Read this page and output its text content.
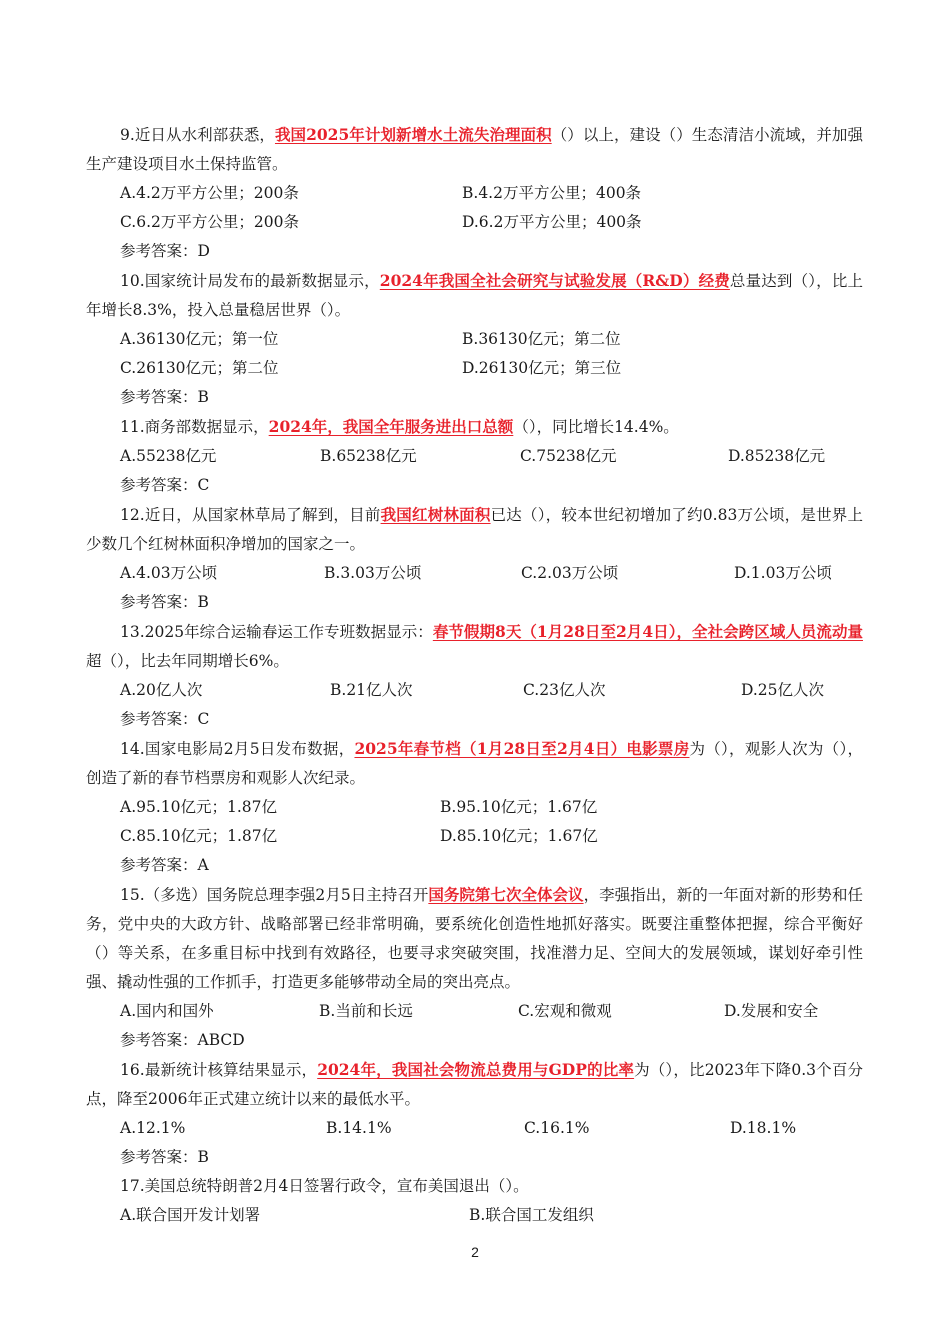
9.近日从水利部获悉，我国2025年计划新增水土流失治理面积（）以上，建设（）生态清洁小流域，并加强生产建设项目水土保持监管。

A.4.2万平方公里；200条	B.4.2万平方公里；400条
C.6.2万平方公里；200条	D.6.2万平方公里；400条

参考答案：D

10.国家统计局发布的最新数据显示，2024年我国全社会研究与试验发展（R&D）经费总量达到（），比上年增长8.3%，投入总量稳居世界（）。

A.36130亿元；第一位	B.36130亿元；第二位
C.26130亿元；第二位	D.26130亿元；第三位

参考答案：B

11.商务部数据显示，2024年，我国全年服务进出口总额（），同比增长14.4%。

A.55238亿元	B.65238亿元	C.75238亿元	D.85238亿元

参考答案：C

12.近日，从国家林草局了解到，目前我国红树林面积已达（），较本世纪初增加了约0.83万公顷，是世界上少数几个红树林面积净增加的国家之一。

A.4.03万公顷	B.3.03万公顷	C.2.03万公顷	D.1.03万公顷

参考答案：B

13.2025年综合运输春运工作专班数据显示：春节假期8天（1月28日至2月4日），全社会跨区域人员流动量超（），比去年同期增长6%。

A.20亿人次	B.21亿人次	C.23亿人次	D.25亿人次

参考答案：C

14.国家电影局2月5日发布数据，2025年春节档（1月28日至2月4日）电影票房为（），观影人次为（），创造了新的春节档票房和观影人次纪录。

A.95.10亿元；1.87亿	B.95.10亿元；1.67亿
C.85.10亿元；1.87亿	D.85.10亿元；1.67亿

参考答案：A

15.（多选）国务院总理李强2月5日主持召开国务院第七次全体会议，李强指出，新的一年面对新的形势和任务，党中央的大政方针、战略部署已经非常明确，要系统化创造性地抓好落实。既要注重整体把握，综合平衡好（）等关系，在多重目标中找到有效路径，也要寻求突破突围，找准潜力足、空间大的发展领域，谋划好牵引性强、撬动性强的工作抓手，打造更多能够带动全局的突出亮点。

A.国内和国外	B.当前和长远	C.宏观和微观	D.发展和安全

参考答案：ABCD

16.最新统计核算结果显示，2024年，我国社会物流总费用与GDP的比率为（），比2023年下降0.3个百分点，降至2006年正式建立统计以来的最低水平。

A.12.1%	B.14.1%	C.16.1%	D.18.1%

参考答案：B

17.美国总统特朗普2月4日签署行政令，宣布美国退出（）。

A.联合国开发计划署	B.联合国工发组织
2
